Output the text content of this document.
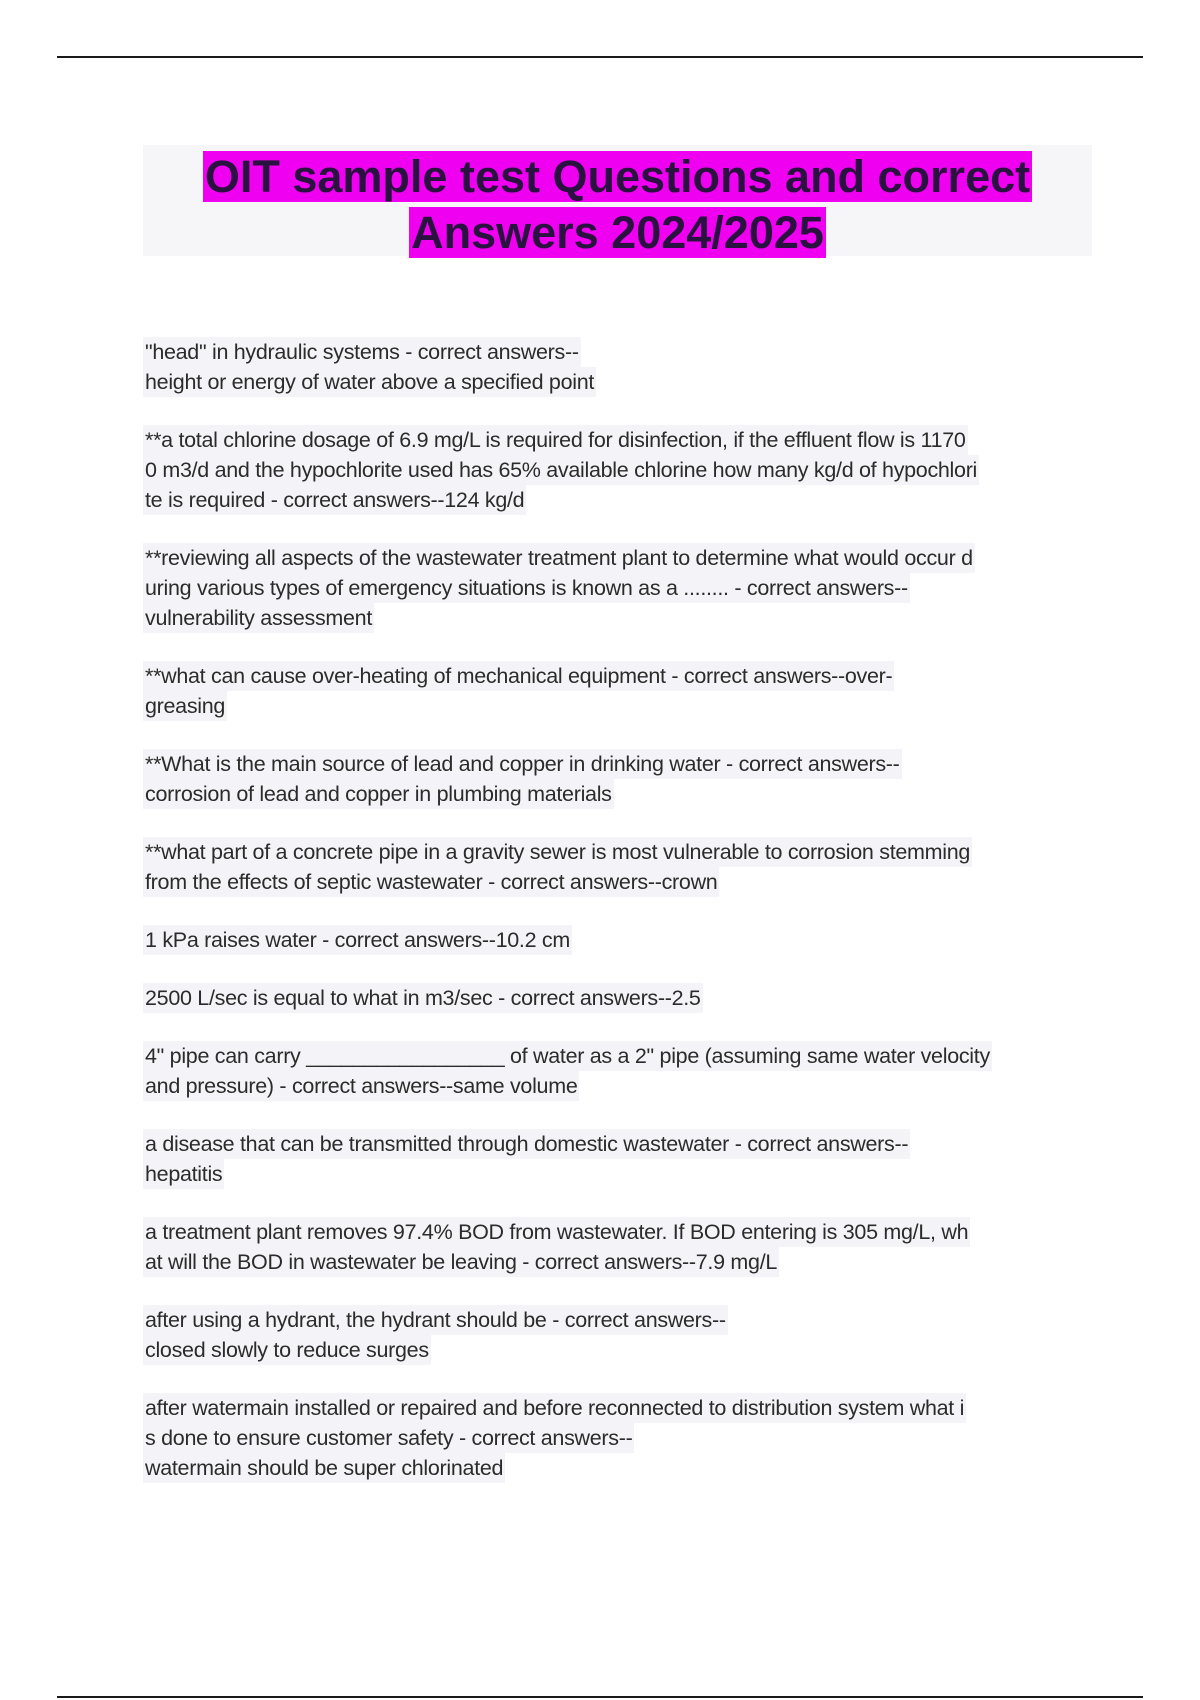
OIT sample test Questions and correct
Answers 2024/2025

"head" in hydraulic systems - correct answers--
height or energy of water above a specified point

**a total chlorine dosage of 6.9 mg/L is required for disinfection, if the effluent flow is 1170
0 m3/d and the hypochlorite used has 65% available chlorine how many kg/d of hypochlori
te is required - correct answers--124 kg/d

**reviewing all aspects of the wastewater treatment plant to determine what would occur d
uring various types of emergency situations is known as a ........ - correct answers--
vulnerability assessment

**what can cause over-heating of mechanical equipment - correct answers--over-
greasing

**What is the main source of lead and copper in drinking water - correct answers--
corrosion of lead and copper in plumbing materials

**what part of a concrete pipe in a gravity sewer is most vulnerable to corrosion stemming
from the effects of septic wastewater - correct answers--crown

1 kPa raises water - correct answers--10.2 cm

2500 L/sec is equal to what in m3/sec - correct answers--2.5

4" pipe can carry _________________ of water as a 2" pipe (assuming same water velocity
and pressure) - correct answers--same volume

a disease that can be transmitted through domestic wastewater - correct answers--
hepatitis

a treatment plant removes 97.4% BOD from wastewater. If BOD entering is 305 mg/L, wh
at will the BOD in wastewater be leaving - correct answers--7.9 mg/L

after using a hydrant, the hydrant should be - correct answers--
closed slowly to reduce surges

after watermain installed or repaired and before reconnected to distribution system what i
s done to ensure customer safety - correct answers--
watermain should be super chlorinated
